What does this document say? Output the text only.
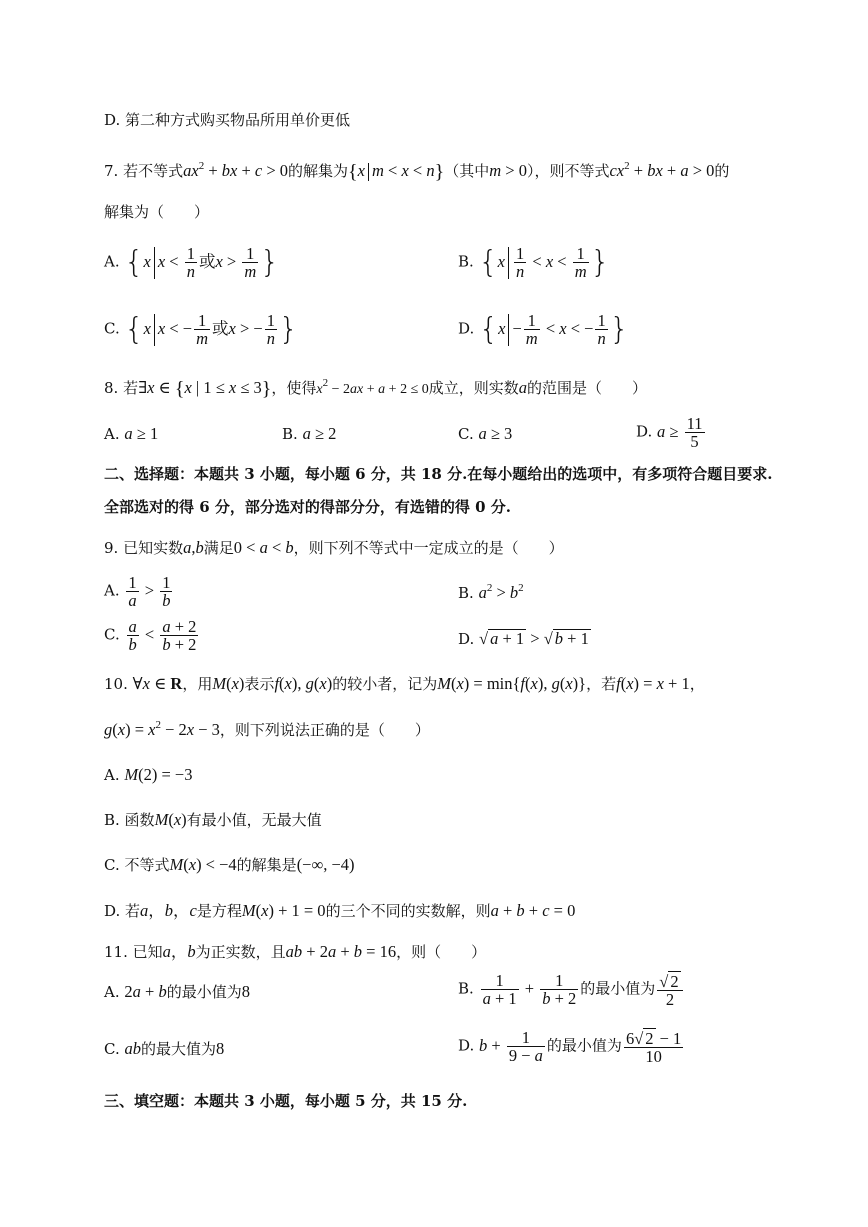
D. 第二种方式购买物品所用单价更低
7. 若不等式$ax^2$ + bx + c > 0的解集为{x m < x < n}（其中m > 0），则不等式$cx^2$ + bx + a > 0的
解集为（　　）
A. {x $x < \frac{1}{n}$ 或$x > \frac{1}{m}$ }	B. {$x \frac{1}{n} < x < \frac{1}{m}$ }
C. {x x < − $\frac{1}{m}$ 或x > − $\frac{1}{n}$ }	D. {$x - \frac{1}{m} < x$ < − $\frac{1}{n}$ }
8. 若∃x ∈ {x | 1 ≤ x ≤ 3}，使得$x^2 - 2ax + a + 2 \le 0$成立，则实数a的范围是（　　）
A. a ≥ 1	B. a ≥ 2	C. a ≥ 3	D. $a \ge \frac{11}{5}$
二、选择题：本题共 3 小题，每小题 6 分，共 18 分.在每小题给出的选项中，有多项符合题目要求.
全部选对的得 6 分，部分选对的得部分分，有选错的得 0 分.
9. 已知实数a,b满足0 < a < b，则下列不等式中一定成立的是（　　）
A. $\frac{1}{a} > \frac{1}{b}$	B. $a^2 > b^2$
C. $\frac{a}{b} < \frac{a + 2}{b + 2}$	D. √ a + 1 > √ b + 1
10. ∀x ∈ R，用M(x)表示f(x), g(x)的较小者，记为M(x) = min{f(x), g(x)}，若f(x) = x + 1，
$g(x) = x^2 - 2x - 3$，则下列说法正确的是（　　）
A. M(2) = −3
B. 函数M(x)有最小值，无最大值
C. 不等式M(x) < −4的解集是(−∞, −4)
D. 若a，b，c是方程M(x) + 1 = 0的三个不同的实数解，则a + b + c = 0
11. 已知a，b为正实数，且ab + 2a + b = 16，则（　　）
A. 2a + b的最小值为8	B. $\frac{1}{a + 1} + \frac{1}{b + 2}$ 的最小值为 $\frac{√ 2}{2}$
C. ab的最大值为8	D. $b + \frac{1}{9 - a}$ 的最小值为 $\frac{6√ 2 - 1}{10}$
三、填空题：本题共 3 小题，每小题 5 分，共 15 分.
